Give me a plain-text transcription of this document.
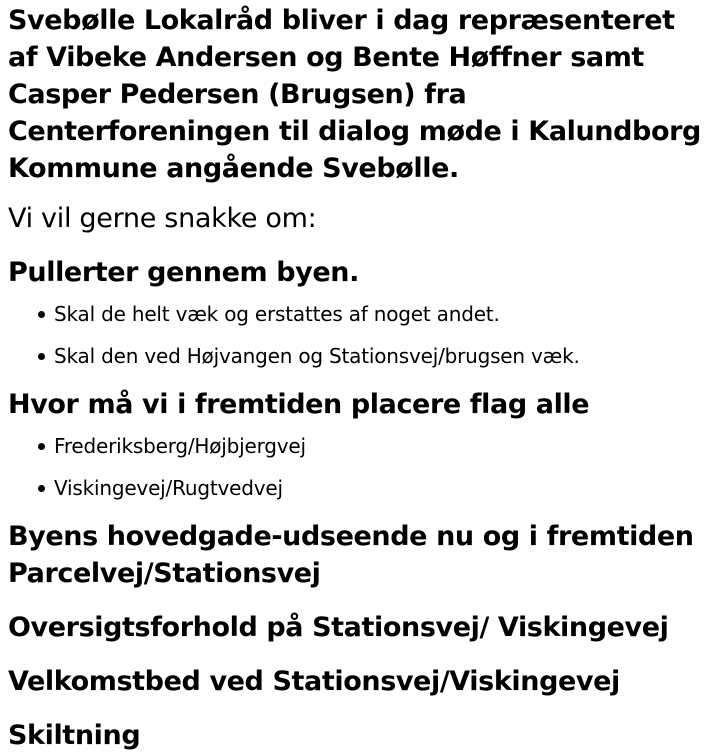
Svebølle Lokalråd bliver i dag repræsenteret af Vibeke Andersen og Bente Høffner samt Casper Pedersen (Brugsen) fra Centerforeningen til dialog møde i Kalundborg Kommune angående Svebølle.

Vi vil gerne snakke om:

Pullerter gennem byen.
Skal de helt væk og erstattes af noget andet.
Skal den ved Højvangen og Stationsvej/brugsen væk.
Hvor må vi i fremtiden placere flag alle
Frederiksberg/Højbjergvej
Viskingevej/Rugtvedvej
Byens hovedgade-udseende nu og i fremtiden Parcelvej/Stationsvej
Oversigtsforhold på Stationsvej/ Viskingevej
Velkomstbed ved Stationsvej/Viskingevej
Skiltning
